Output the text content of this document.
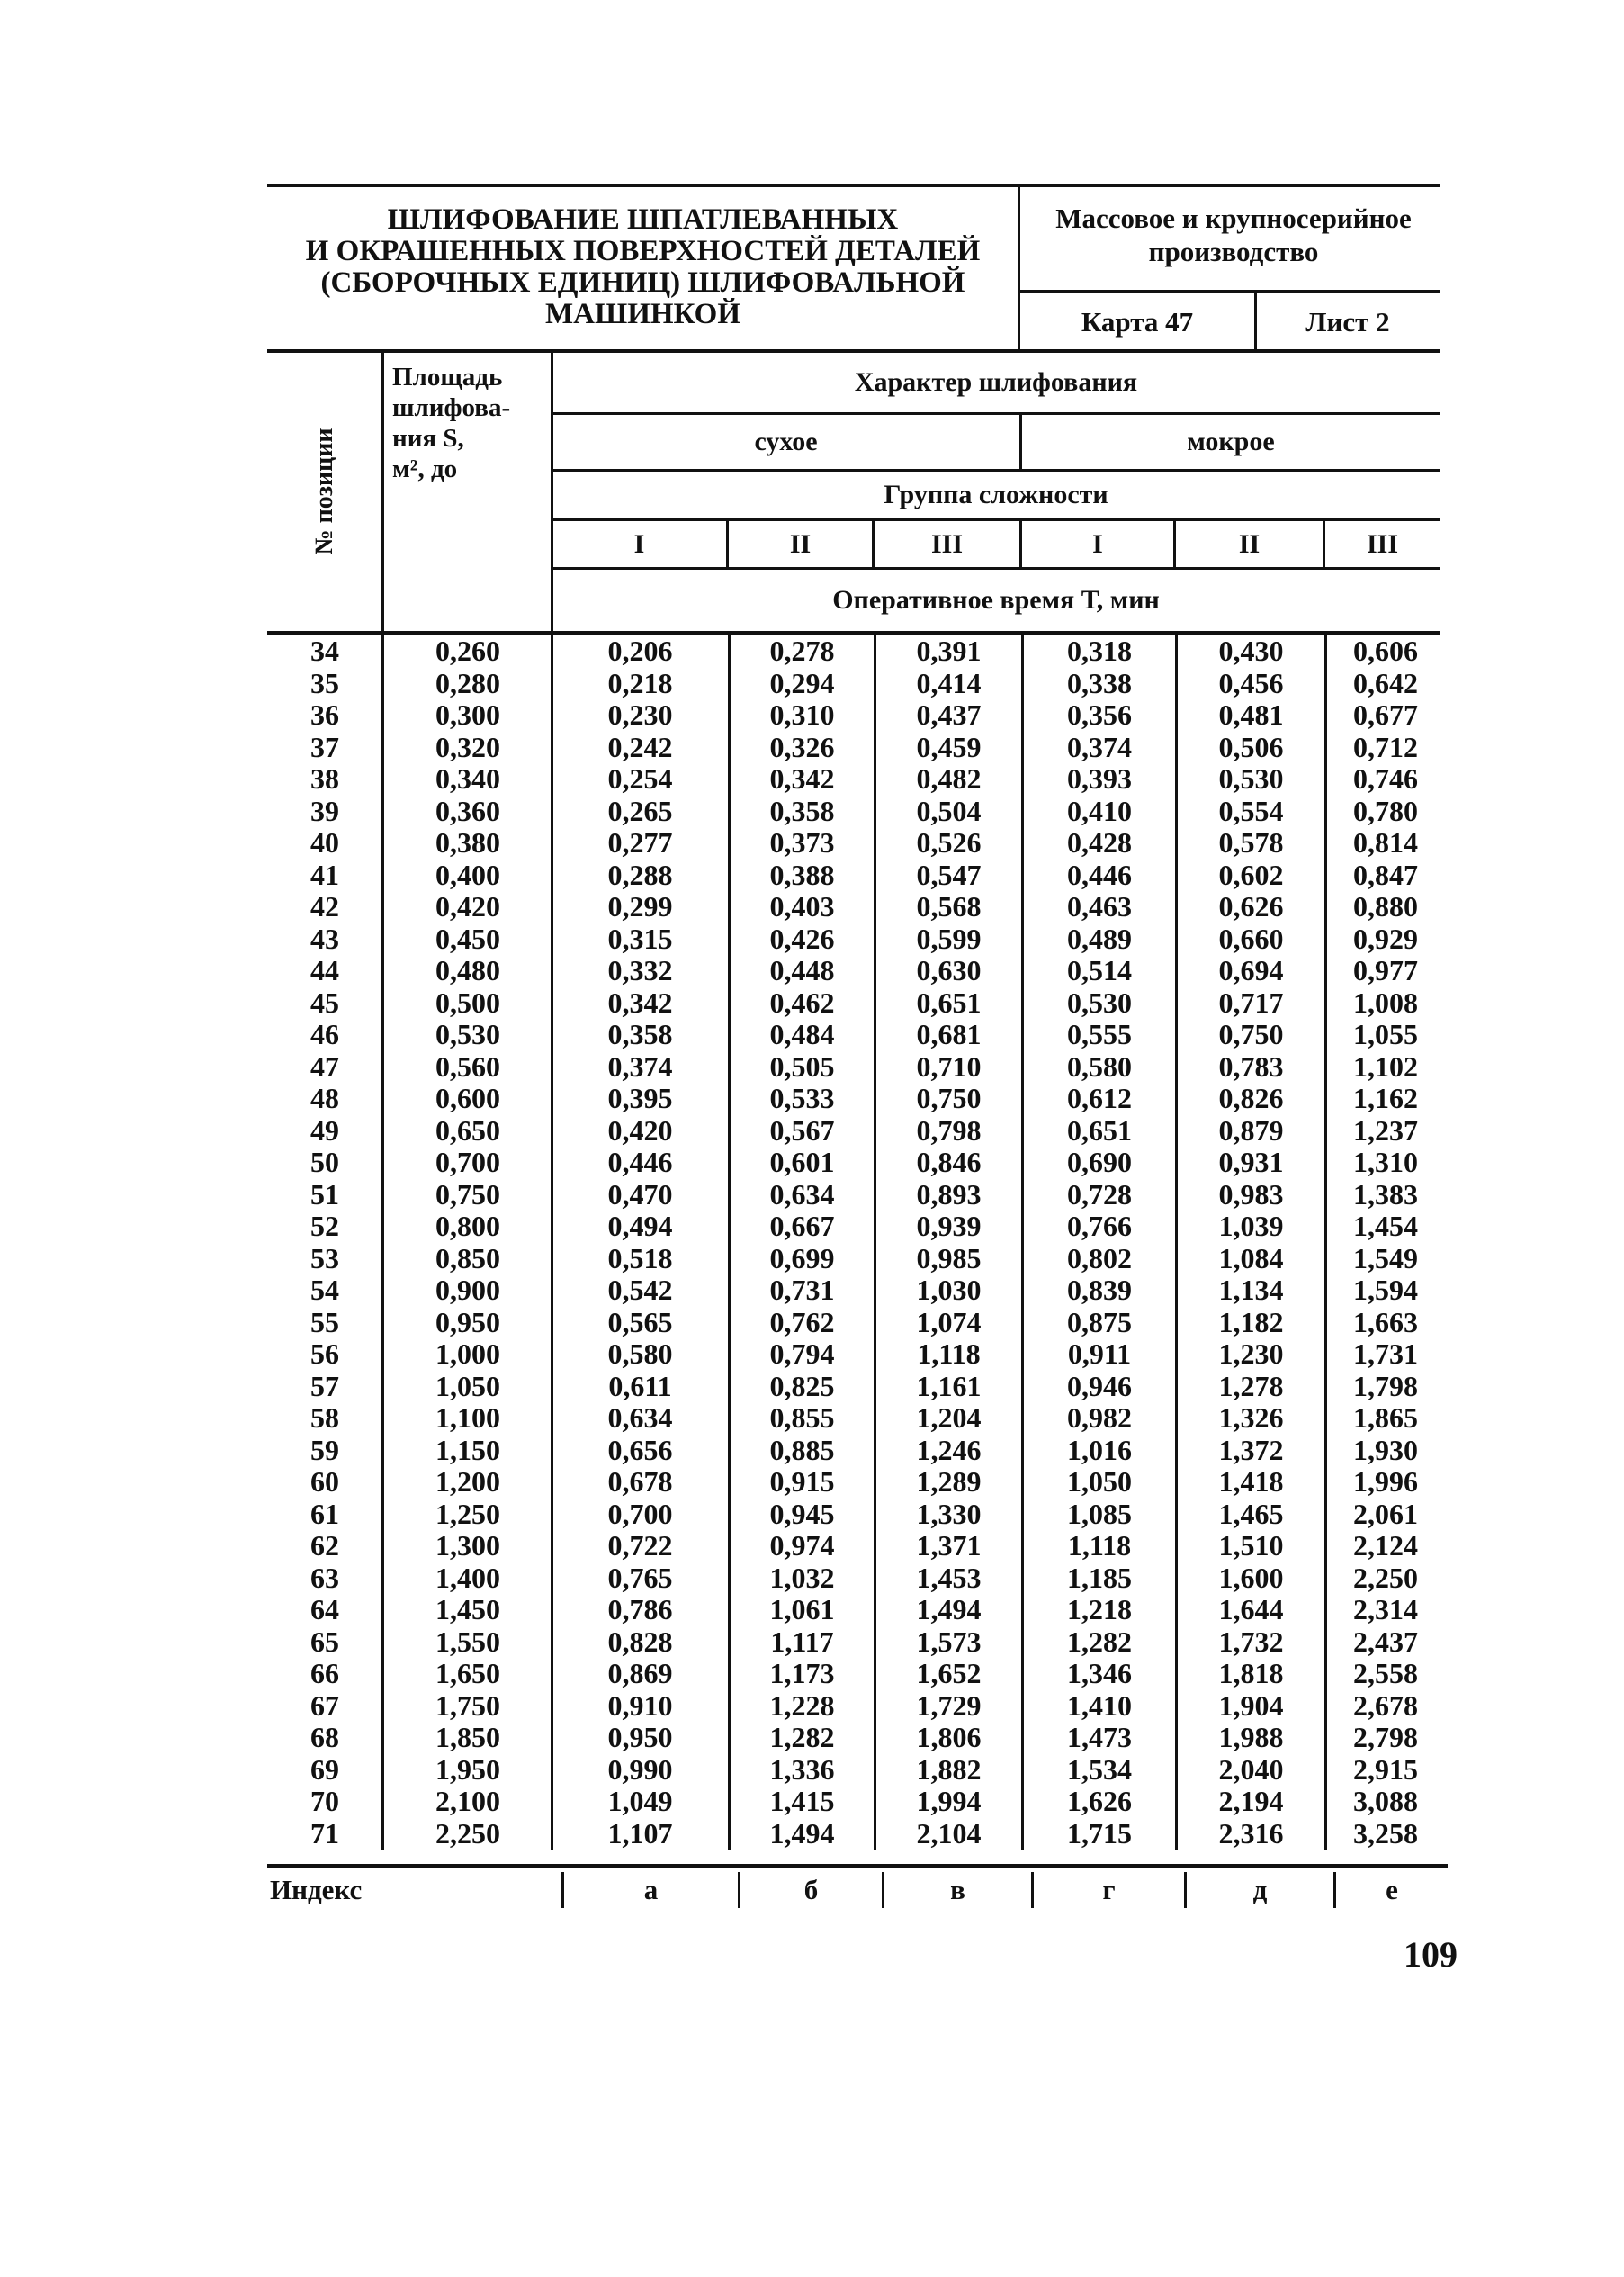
ШЛИФОВАНИЕ ШПАТЛЕВАННЫХ
И ОКРАШЕННЫХ ПОВЕРХНОСТЕЙ ДЕТАЛЕЙ
(СБОРОЧНЫХ ЕДИНИЦ) ШЛИФОВАЛЬНОЙ
МАШИНКОЙ
Массовое и крупносерийное
производство
Карта 47	Лист 2
№ позиции
Площадь
шлифова-
ния S,
м², до
Характер шлифования
сухое	мокрое
Группа сложности
I	II	III	I	II	III
Оперативное время Т, мин
34	0,260	0,206	0,278	0,391	0,318	0,430	0,606
35	0,280	0,218	0,294	0,414	0,338	0,456	0,642
36	0,300	0,230	0,310	0,437	0,356	0,481	0,677
37	0,320	0,242	0,326	0,459	0,374	0,506	0,712
38	0,340	0,254	0,342	0,482	0,393	0,530	0,746
39	0,360	0,265	0,358	0,504	0,410	0,554	0,780
40	0,380	0,277	0,373	0,526	0,428	0,578	0,814
41	0,400	0,288	0,388	0,547	0,446	0,602	0,847
42	0,420	0,299	0,403	0,568	0,463	0,626	0,880
43	0,450	0,315	0,426	0,599	0,489	0,660	0,929
44	0,480	0,332	0,448	0,630	0,514	0,694	0,977
45	0,500	0,342	0,462	0,651	0,530	0,717	1,008
46	0,530	0,358	0,484	0,681	0,555	0,750	1,055
47	0,560	0,374	0,505	0,710	0,580	0,783	1,102
48	0,600	0,395	0,533	0,750	0,612	0,826	1,162
49	0,650	0,420	0,567	0,798	0,651	0,879	1,237
50	0,700	0,446	0,601	0,846	0,690	0,931	1,310
51	0,750	0,470	0,634	0,893	0,728	0,983	1,383
52	0,800	0,494	0,667	0,939	0,766	1,039	1,454
53	0,850	0,518	0,699	0,985	0,802	1,084	1,549
54	0,900	0,542	0,731	1,030	0,839	1,134	1,594
55	0,950	0,565	0,762	1,074	0,875	1,182	1,663
56	1,000	0,580	0,794	1,118	0,911	1,230	1,731
57	1,050	0,611	0,825	1,161	0,946	1,278	1,798
58	1,100	0,634	0,855	1,204	0,982	1,326	1,865
59	1,150	0,656	0,885	1,246	1,016	1,372	1,930
60	1,200	0,678	0,915	1,289	1,050	1,418	1,996
61	1,250	0,700	0,945	1,330	1,085	1,465	2,061
62	1,300	0,722	0,974	1,371	1,118	1,510	2,124
63	1,400	0,765	1,032	1,453	1,185	1,600	2,250
64	1,450	0,786	1,061	1,494	1,218	1,644	2,314
65	1,550	0,828	1,117	1,573	1,282	1,732	2,437
66	1,650	0,869	1,173	1,652	1,346	1,818	2,558
67	1,750	0,910	1,228	1,729	1,410	1,904	2,678
68	1,850	0,950	1,282	1,806	1,473	1,988	2,798
69	1,950	0,990	1,336	1,882	1,534	2,040	2,915
70	2,100	1,049	1,415	1,994	1,626	2,194	3,088
71	2,250	1,107	1,494	2,104	1,715	2,316	3,258
Индекс	а	б	в	г	д	е
109
